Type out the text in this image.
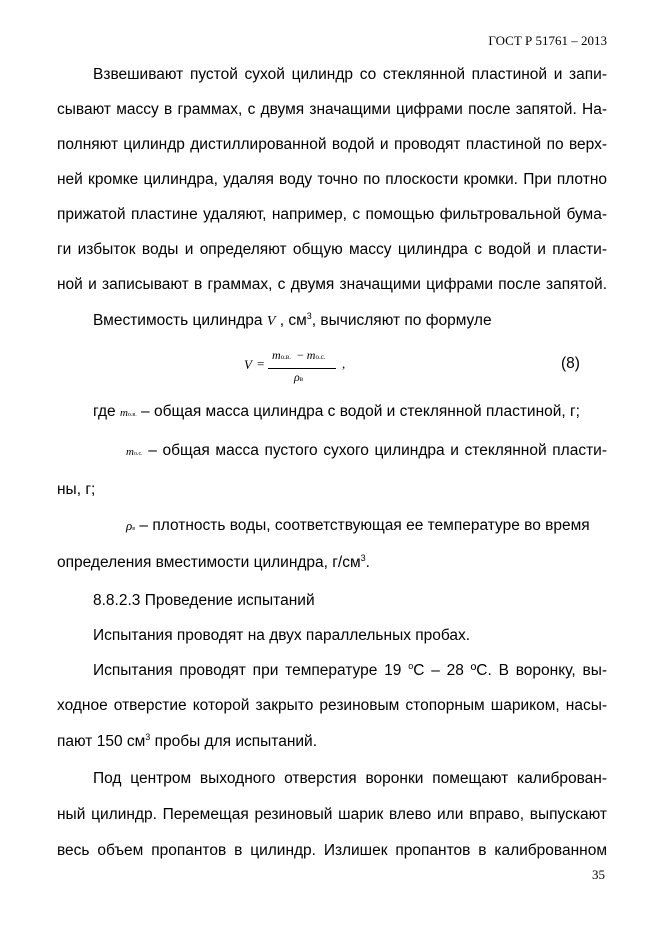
ГОСТ Р 51761 – 2013
Взвешивают пустой сухой цилиндр со стеклянной пластиной и запи-
сывают массу в граммах, с двумя значащими цифрами после запятой. На-
полняют цилиндр дистиллированной водой и проводят пластиной по верх-
ней кромке цилиндра, удаляя воду точно по плоскости кромки. При плотно
прижатой пластине удаляют, например, с помощью фильтровальной бума-
ги избыток воды и определяют общую массу цилиндра с водой и пласти-
ной и записывают в граммах, с двумя значащими цифрами после запятой.
Вместимость цилиндра V , $см^3$, вычисляют по формуле
V =
mо.в. − mо.с.
ρв
,	(8)
где mо.в. – общая масса цилиндра с водой и стеклянной пластиной, г;
mо.с. – общая масса пустого сухого цилиндра и стеклянной пласти-
ны, г;
ρв – плотность воды, соответствующая ее температуре во время
определения вместимости цилиндра, $г/см^3$.
8.8.2.3 Проведение испытаний
Испытания проводят на двух параллельных пробах.
Испытания проводят при температуре 19 $^о$С – 28 ºС. В воронку, вы-
ходное отверстие которой закрыто резиновым стопорным шариком, насы-
пают 150 $см^3$ пробы для испытаний.
Под центром выходного отверстия воронки помещают калиброван-
ный цилиндр. Перемещая резиновый шарик влево или вправо, выпускают
весь объем пропантов в цилиндр. Излишек пропантов в калиброванном
35
